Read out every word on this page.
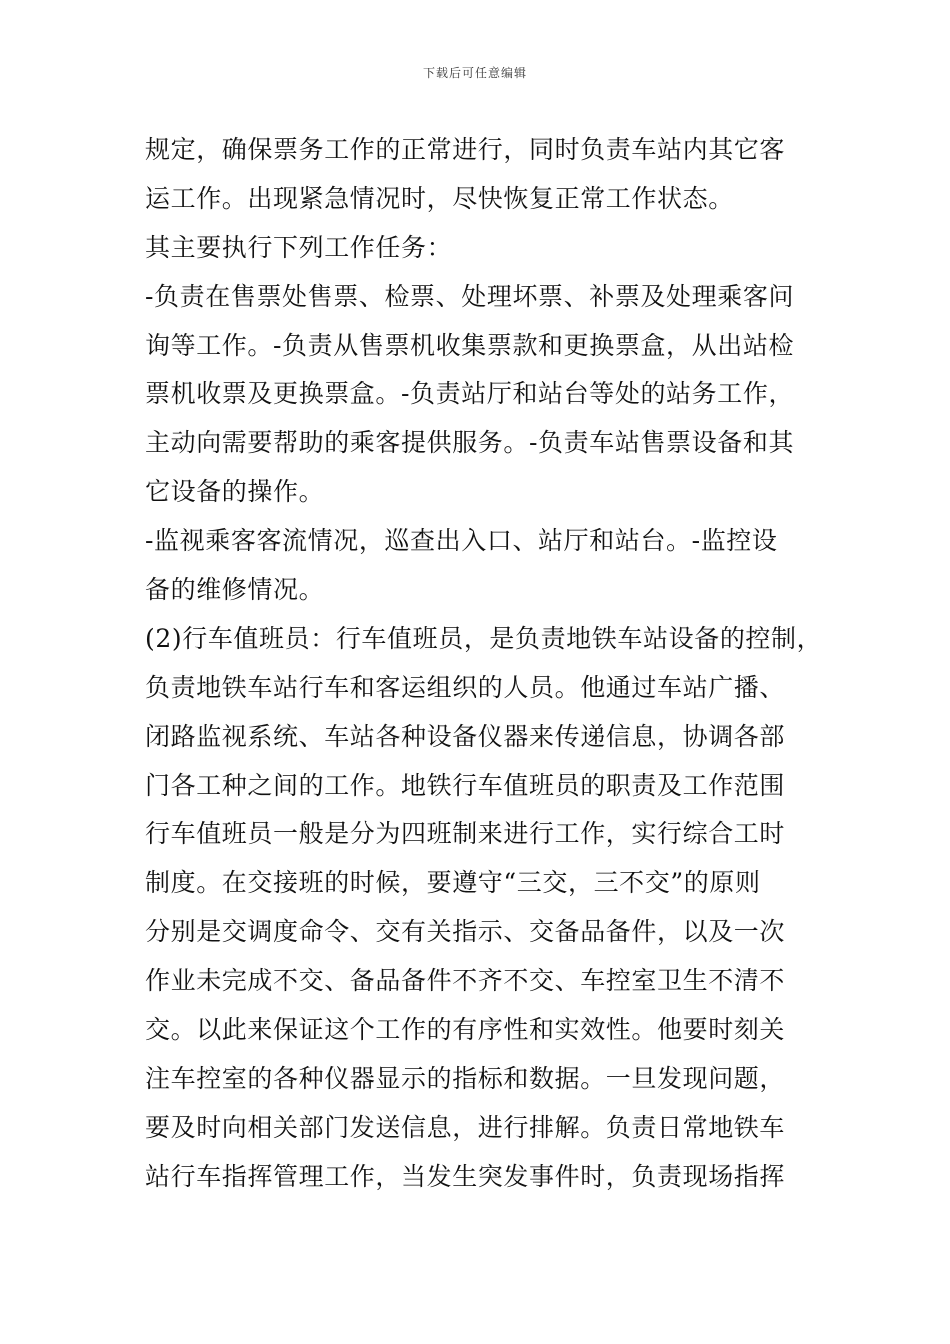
下载后可任意编辑
规定，确保票务工作的正常进行，同时负责车站内其它客
运工作。出现紧急情况时，尽快恢复正常工作状态。
其主要执行下列工作任务：
-负责在售票处售票、检票、处理坏票、补票及处理乘客问
询等工作。-负责从售票机收集票款和更换票盒，从出站检
票机收票及更换票盒。-负责站厅和站台等处的站务工作，
主动向需要帮助的乘客提供服务。-负责车站售票设备和其
它设备的操作。
-监视乘客客流情况，巡查出入口、站厅和站台。-监控设
备的维修情况。
(2)行车值班员：行车值班员，是负责地铁车站设备的控制，
负责地铁车站行车和客运组织的人员。他通过车站广播、
闭路监视系统、车站各种设备仪器来传递信息，协调各部
门各工种之间的工作。地铁行车值班员的职责及工作范围
行车值班员一般是分为四班制来进行工作，实行综合工时
制度。在交接班的时候，要遵守“三交，三不交”的原则
分别是交调度命令、交有关指示、交备品备件，以及一次
作业未完成不交、备品备件不齐不交、车控室卫生不清不
交。以此来保证这个工作的有序性和实效性。他要时刻关
注车控室的各种仪器显示的指标和数据。一旦发现问题，
要及时向相关部门发送信息，进行排解。负责日常地铁车
站行车指挥管理工作，当发生突发事件时，负责现场指挥
